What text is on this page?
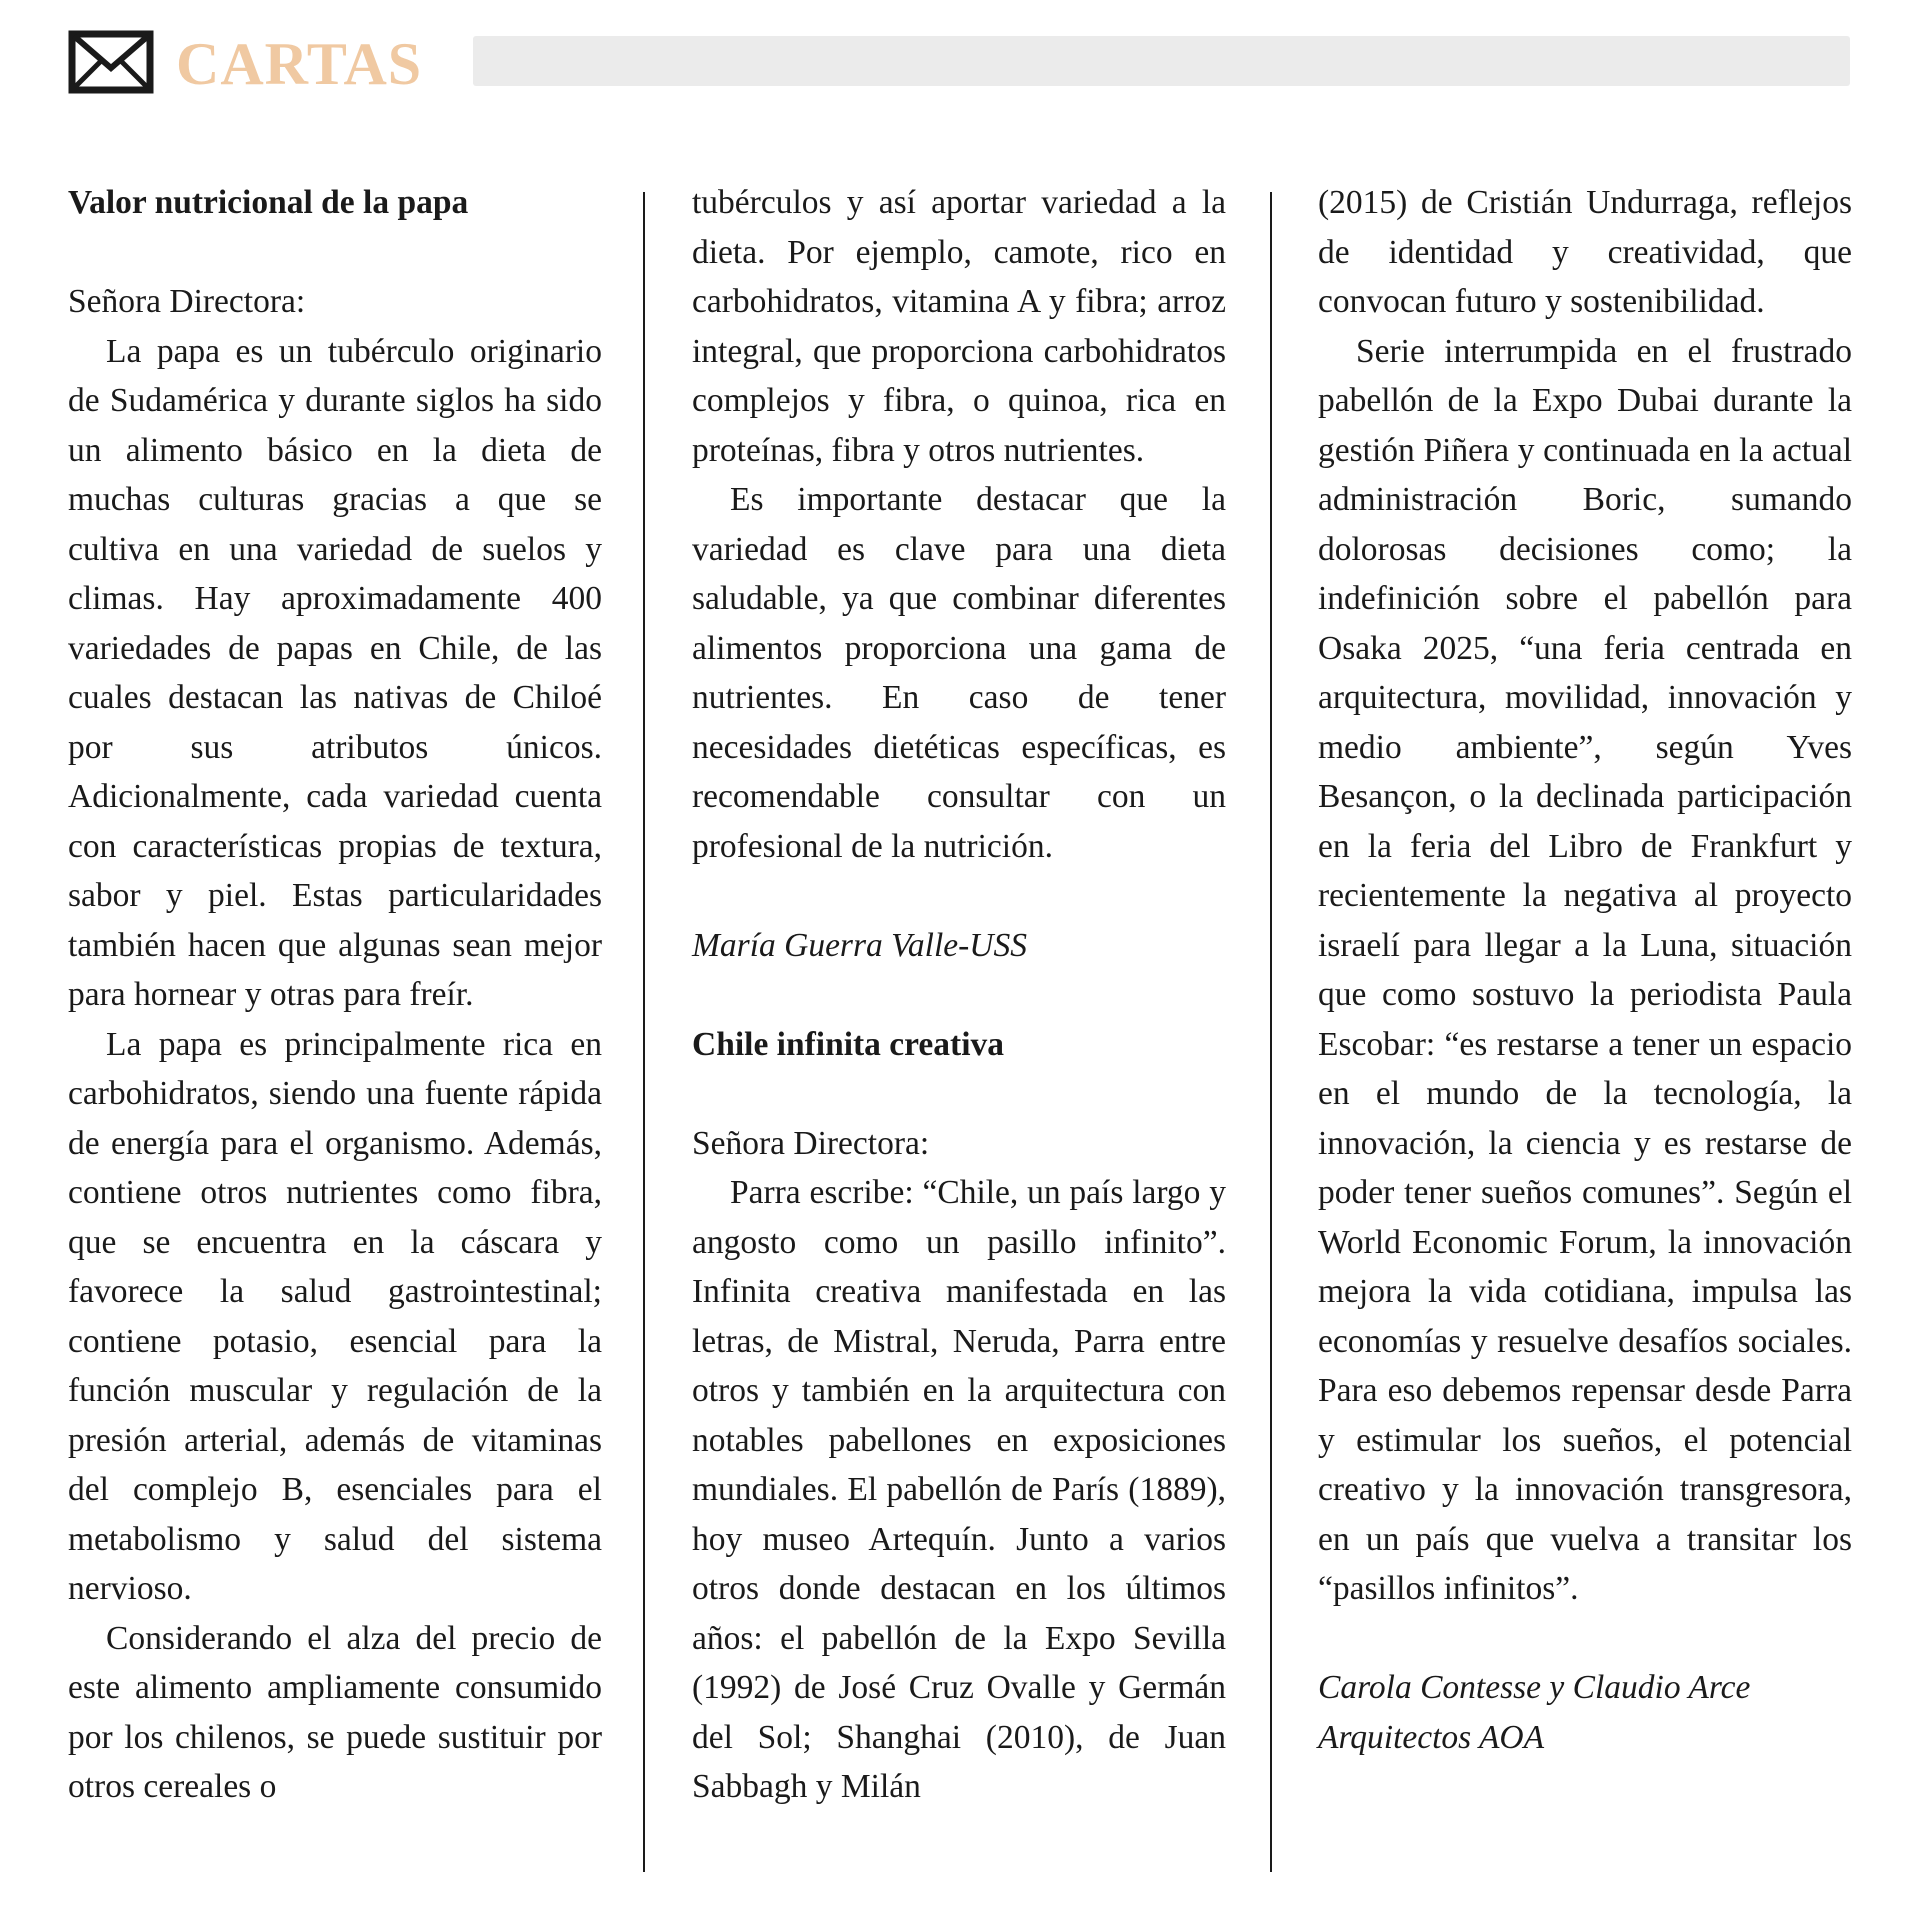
CARTAS
Valor nutricional de la papa
Señora Directora:

La papa es un tubérculo originario de Sudamérica y durante siglos ha sido un alimento básico en la dieta de muchas culturas gracias a que se cultiva en una variedad de suelos y climas. Hay aproximadamente 400 variedades de papas en Chile, de las cuales destacan las nativas de Chiloé por sus atributos únicos. Adicionalmente, cada variedad cuenta con características propias de textura, sabor y piel. Estas particularidades también hacen que algunas sean mejor para hornear y otras para freír.

La papa es principalmente rica en carbohidratos, siendo una fuente rápida de energía para el organismo. Además, contiene otros nutrientes como fibra, que se encuentra en la cáscara y favorece la salud gastrointestinal; contiene potasio, esencial para la función muscular y regulación de la presión arterial, además de vitaminas del complejo B, esenciales para el metabolismo y salud del sistema nervioso.

Considerando el alza del precio de este alimento ampliamente consumido por los chilenos, se puede sustituir por otros cereales o

tubérculos y así aportar variedad a la dieta. Por ejemplo, camote, rico en carbohidratos, vitamina A y fibra; arroz integral, que proporciona carbohidratos complejos y fibra, o quinoa, rica en proteínas, fibra y otros nutrientes.

Es importante destacar que la variedad es clave para una dieta saludable, ya que combinar diferentes alimentos proporciona una gama de nutrientes. En caso de tener necesidades dietéticas específicas, es recomendable consultar con un profesional de la nutrición.

María Guerra Valle-USS
Chile infinita creativa
Señora Directora:

Parra escribe: “Chile, un país largo y angosto como un pasillo infinito”. Infinita creativa manifestada en las letras, de Mistral, Neruda, Parra entre otros y también en la arquitectura con notables pabellones en exposiciones mundiales. El pabellón de París (1889), hoy museo Artequín. Junto a varios otros donde destacan en los últimos años: el pabellón de la Expo Sevilla (1992) de José Cruz Ovalle y Germán del Sol; Shanghai (2010), de Juan Sabbagh y Milán

(2015) de Cristián Undurraga, reflejos de identidad y creatividad, que convocan futuro y sostenibilidad.

Serie interrumpida en el frustrado pabellón de la Expo Dubai durante la gestión Piñera y continuada en la actual administración Boric, sumando dolorosas decisiones como; la indefinición sobre el pabellón para Osaka 2025, “una feria centrada en arquitectura, movilidad, innovación y medio ambiente”, según Yves Besançon, o la declinada participación en la feria del Libro de Frankfurt y recientemente la negativa al proyecto israelí para llegar a la Luna, situación que como sostuvo la periodista Paula Escobar: “es restarse a tener un espacio en el mundo de la tecnología, la innovación, la ciencia y es restarse de poder tener sueños comunes”. Según el World Economic Forum, la innovación mejora la vida cotidiana, impulsa las economías y resuelve desafíos sociales. Para eso debemos repensar desde Parra y estimular los sueños, el potencial creativo y la innovación transgresora, en un país que vuelva a transitar los “pasillos infinitos”.

Carola Contesse y Claudio Arce
Arquitectos AOA
